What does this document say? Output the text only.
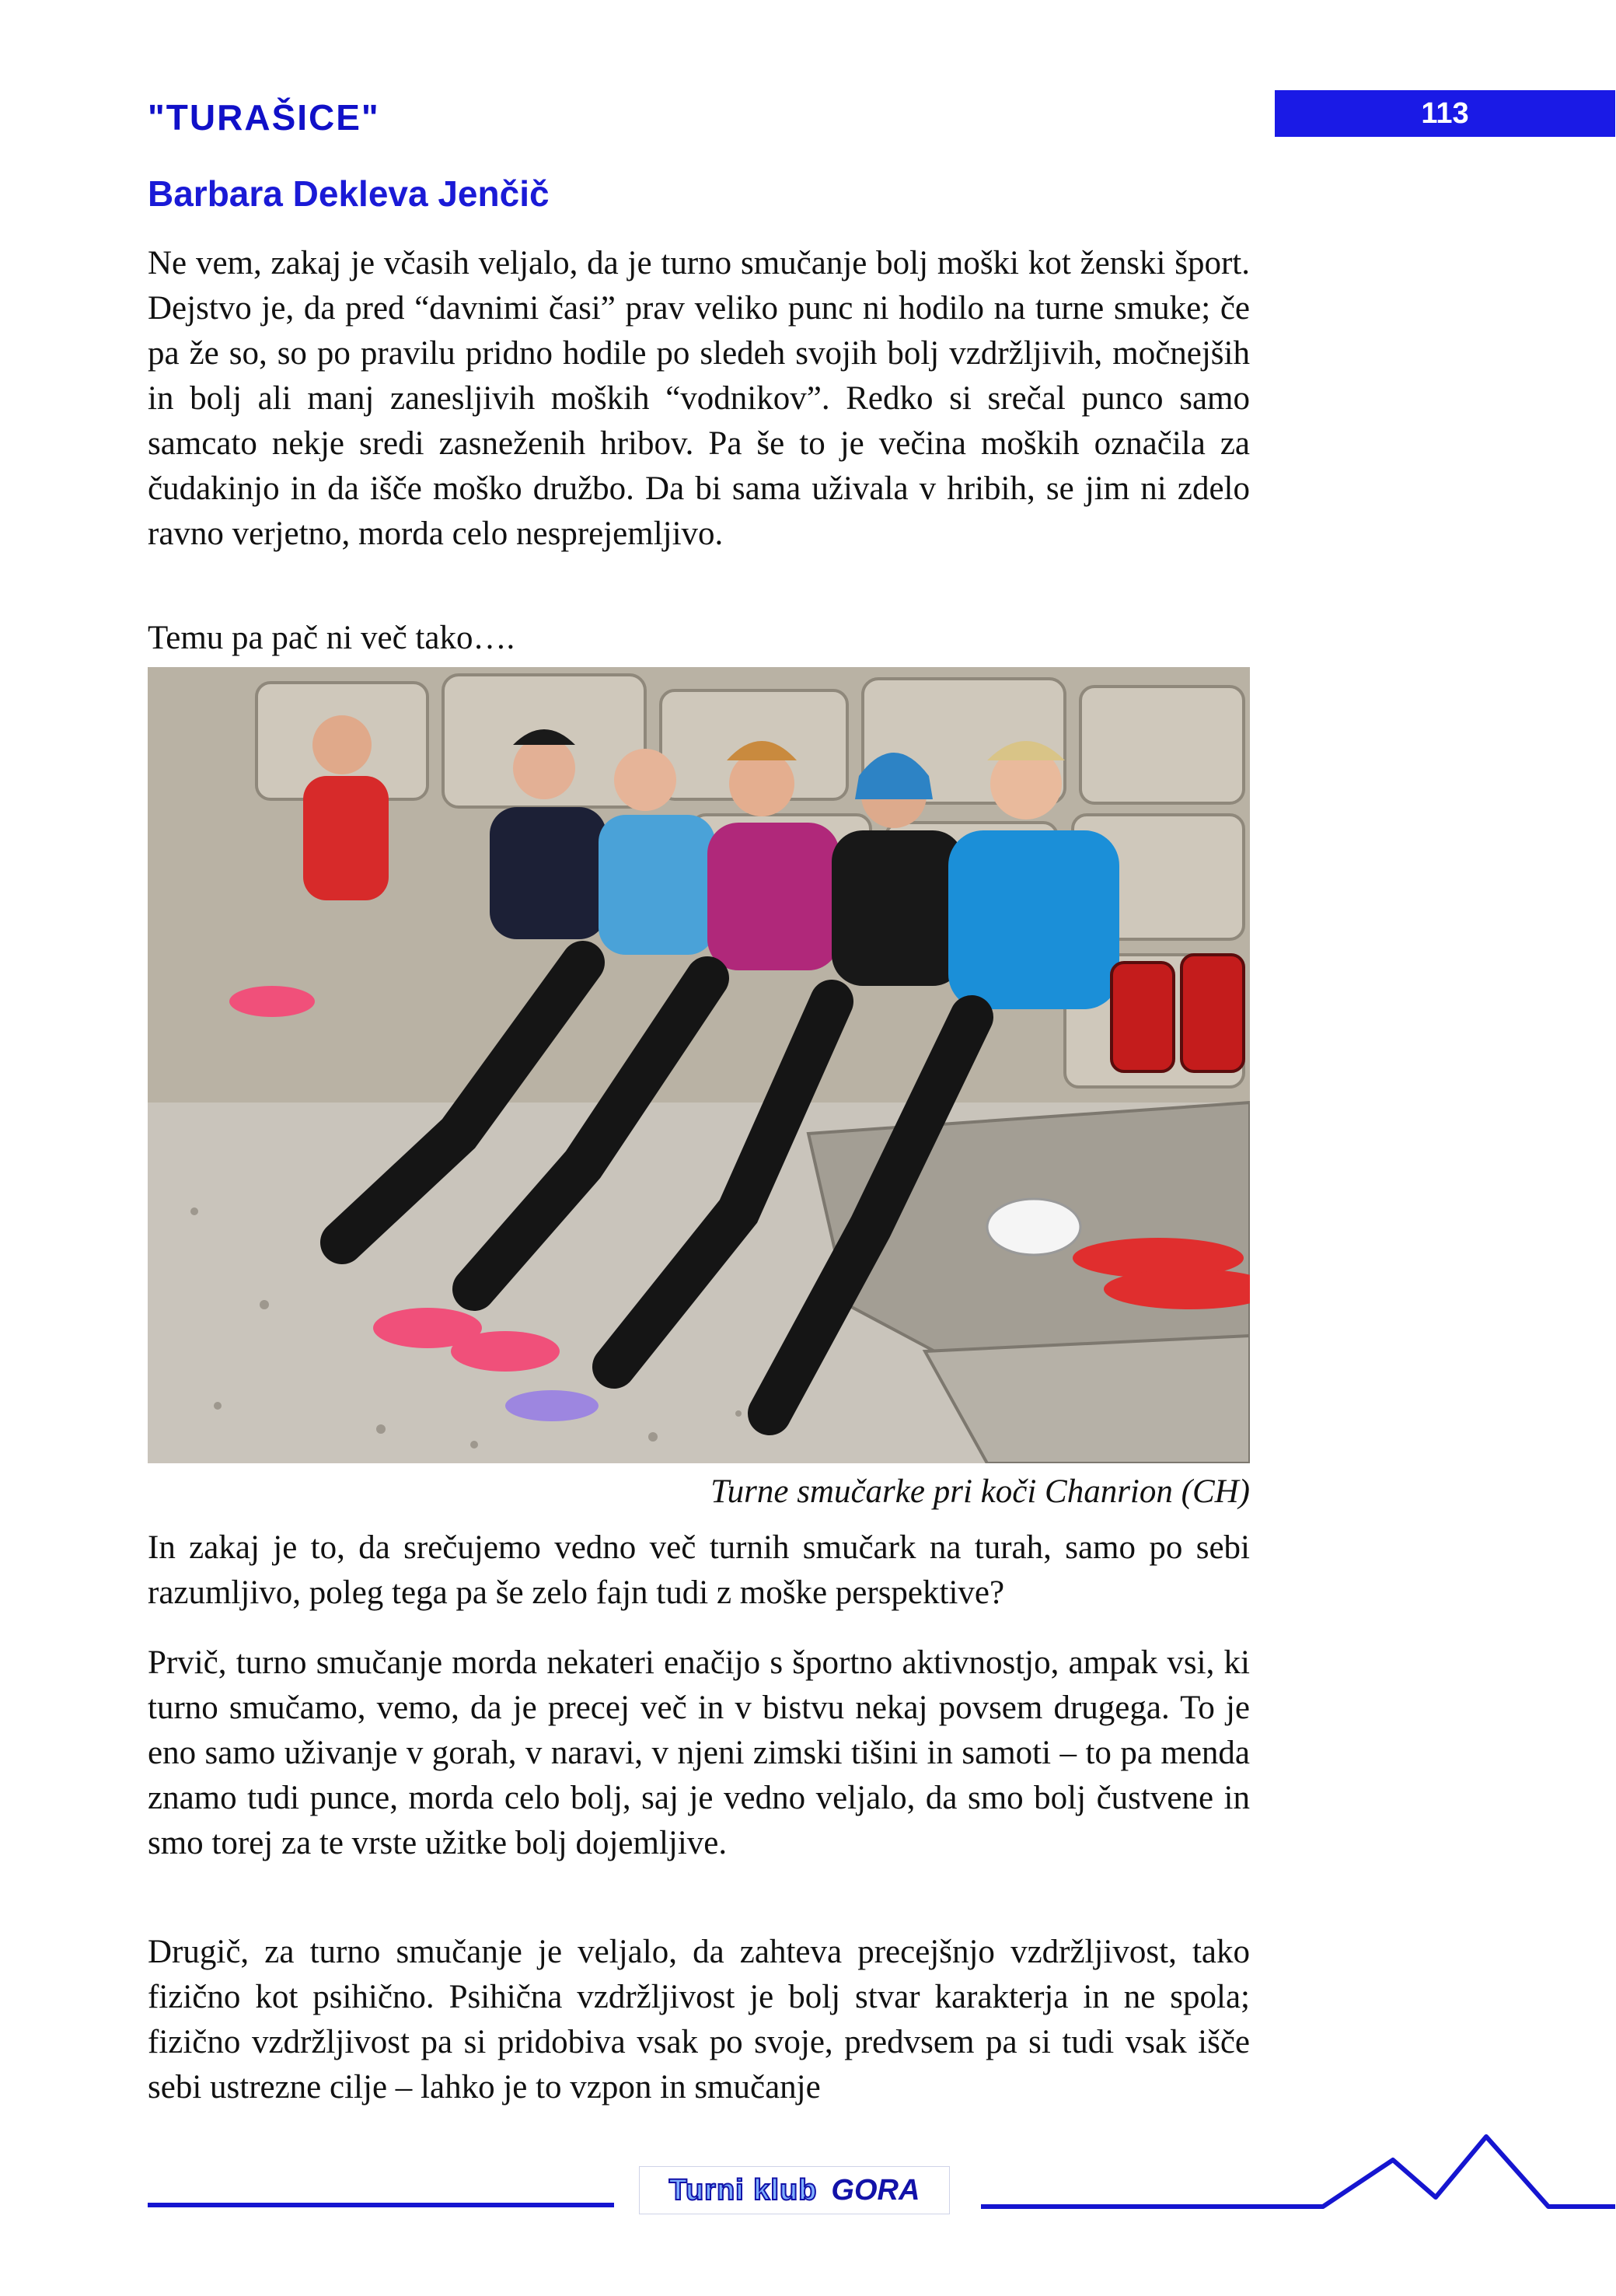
113
"TURAŠICE"
Barbara Dekleva Jenčič

Ne vem, zakaj je včasih veljalo, da je turno smučanje bolj moški kot ženski šport. Dejstvo je, da pred “davnimi časi” prav veliko punc ni hodilo na turne smuke; če pa že so, so po pravilu pridno hodile po sledeh svojih bolj vzdržljivih, močnejših in bolj ali manj zanesljivih moških “vodnikov”. Redko si srečal punco samo samcato nekje sredi zasneženih hribov. Pa še to je večina moških označila za čudakinjo in da išče moško družbo. Da bi sama uživala v hribih, se jim ni zdelo ravno verjetno, morda celo nesprejemljivo.

Temu pa pač ni več tako….

Turne smučarke pri koči Chanrion (CH)

In zakaj je to, da srečujemo vedno več turnih smučark na turah, samo po sebi razumljivo, poleg tega pa še zelo fajn tudi z moške perspektive?

Prvič, turno smučanje morda nekateri enačijo s športno aktivnostjo, ampak vsi, ki turno smučamo, vemo, da je precej več in v bistvu nekaj povsem drugega. To je eno samo uživanje v gorah, v naravi, v njeni zimski tišini in samoti – to pa menda znamo tudi punce, morda celo bolj, saj je vedno veljalo, da smo bolj čustvene in smo torej za te vrste užitke bolj dojemljive.

Drugič, za turno smučanje je veljalo, da zahteva precejšnjo vzdržljivost, tako fizično kot psihično. Psihična vzdržljivost je bolj stvar karakterja in ne spola; fizično vzdržljivost pa si pridobiva vsak po svoje, predvsem pa si tudi vsak išče sebi ustrezne cilje – lahko je to vzpon in smučanje

Turni klub GORA
